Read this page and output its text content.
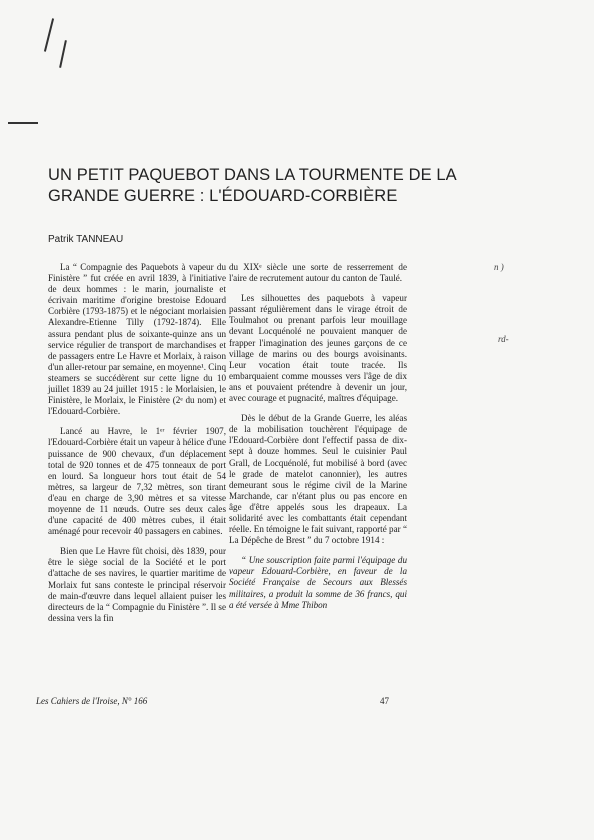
UN PETIT PAQUEBOT DANS LA TOURMENTE DE LA GRANDE GUERRE : L'ÉDOUARD-CORBIÈRE
Patrik TANNEAU

La “ Compagnie des Paquebots à vapeur du Finistère ” fut créée en avril 1839, à l'initiative de deux hommes : le marin, journaliste et écrivain maritime d'origine brestoise Edouard Corbière (1793-1875) et le négociant morlaisien Alexandre-Etienne Tilly (1792-1874). Elle assura pendant plus de soixante-quinze ans un service régulier de transport de marchandises et de passagers entre Le Havre et Morlaix, à raison d'un aller-retour par semaine, en moyenne¹. Cinq steamers se succédèrent sur cette ligne du 10 juillet 1839 au 24 juillet 1915 : le Morlaisien, le Finistère, le Morlaix, le Finistère (2ᵉ du nom) et l'Edouard-Corbière.

Lancé au Havre, le 1ᵉʳ février 1907, l'Edouard-Corbière était un vapeur à hélice d'une puissance de 900 chevaux, d'un déplacement total de 920 tonnes et de 475 tonneaux de port en lourd. Sa longueur hors tout était de 54 mètres, sa largeur de 7,32 mètres, son tirant d'eau en charge de 3,90 mètres et sa vitesse moyenne de 11 nœuds. Outre ses deux cales d'une capacité de 400 mètres cubes, il était aménagé pour recevoir 40 passagers en cabines.

Bien que Le Havre fût choisi, dès 1839, pour être le siège social de la Société et le port d'attache de ses navires, le quartier maritime de Morlaix fut sans conteste le principal réservoir de main-d'œuvre dans lequel allaient puiser les directeurs de la “ Compagnie du Finistère ”. Il se dessina vers la fin

du XIXᵉ siècle une sorte de resserrement de l'aire de recrutement autour du canton de Taulé.

Les silhouettes des paquebots à vapeur passant régulièrement dans le virage étroit de Toulmahot ou prenant parfois leur mouillage devant Locquénolé ne pouvaient manquer de frapper l'imagination des jeunes garçons de ce village de marins ou des bourgs avoisinants. Leur vocation était toute tracée. Ils embarquaient comme mousses vers l'âge de dix ans et pouvaient prétendre à devenir un jour, avec courage et pugnacité, maîtres d'équipage.

Dès le début de la Grande Guerre, les aléas de la mobilisation touchèrent l'équipage de l'Edouard-Corbière dont l'effectif passa de dix-sept à douze hommes. Seul le cuisinier Paul Grall, de Locquénolé, fut mobilisé à bord (avec le grade de matelot canonnier), les autres demeurant sous le régime civil de la Marine Marchande, car n'étant plus ou pas encore en âge d'être appelés sous les drapeaux. La solidarité avec les combattants était cependant réelle. En témoigne le fait suivant, rapporté par “ La Dépêche de Brest ” du 7 octobre 1914 :

“ Une souscription faite parmi l'équipage du vapeur Edouard-Corbière, en faveur de la Société Française de Secours aux Blessés militaires, a produit la somme de 36 francs, qui a été versée à Mme Thibon

n )
rd-
Les Cahiers de l'Iroise, N° 166	47
